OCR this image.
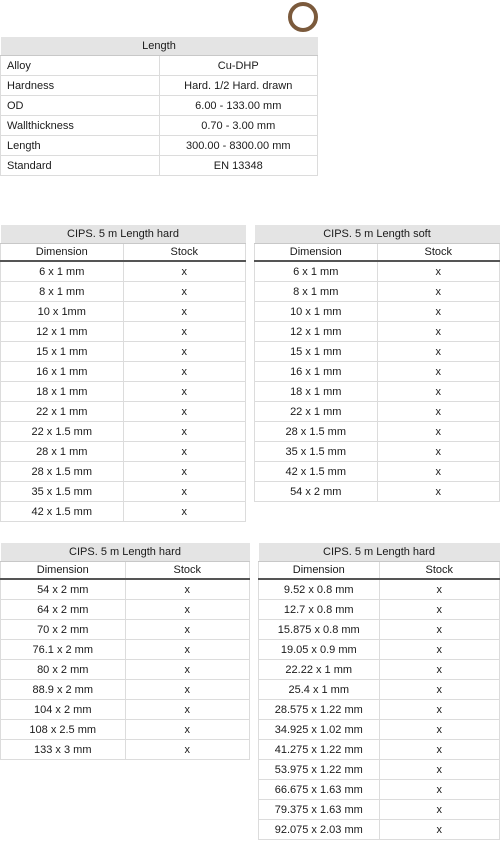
Length	
Alloy	Cu-DHP
Hardness	Hard. 1/2 Hard. drawn
OD	6.00 - 133.00 mm
Wallthickness	0.70 - 3.00 mm
Length	300.00 - 8300.00 mm
Standard	EN 13348
CIPS. 5 m Length hard	
Dimension	Stock
6 x 1 mm	x
8 x 1 mm	x
10 x 1mm	x
12 x 1 mm	x
15 x 1 mm	x
16 x 1 mm	x
18 x 1 mm	x
22 x 1 mm	x
22 x 1.5 mm	x
28 x 1 mm	x
28 x 1.5 mm	x
35 x 1.5 mm	x
42 x 1.5 mm	x
CIPS. 5 m Length soft	
Dimension	Stock
6 x 1 mm	x
8 x 1 mm	x
10 x 1 mm	x
12 x 1 mm	x
15 x 1 mm	x
16 x 1 mm	x
18 x 1 mm	x
22 x 1 mm	x
28 x 1.5 mm	x
35 x 1.5 mm	x
42 x 1.5 mm	x
54 x 2 mm	x
CIPS. 5 m Length hard	
Dimension	Stock
54 x 2 mm	x
64 x 2 mm	x
70 x 2 mm	x
76.1 x 2 mm	x
80 x 2 mm	x
88.9 x 2 mm	x
104 x 2 mm	x
108 x 2.5 mm	x
133 x 3 mm	x
CIPS. 5 m Length hard	
Dimension	Stock
9.52 x 0.8 mm	x
12.7 x 0.8 mm	x
15.875 x 0.8 mm	x
19.05 x 0.9 mm	x
22.22 x 1 mm	x
25.4 x 1 mm	x
28.575 x 1.22 mm	x
34.925 x 1.02 mm	x
41.275 x 1.22 mm	x
53.975 x 1.22 mm	x
66.675 x 1.63 mm	x
79.375 x 1.63 mm	x
92.075 x 2.03 mm	x
